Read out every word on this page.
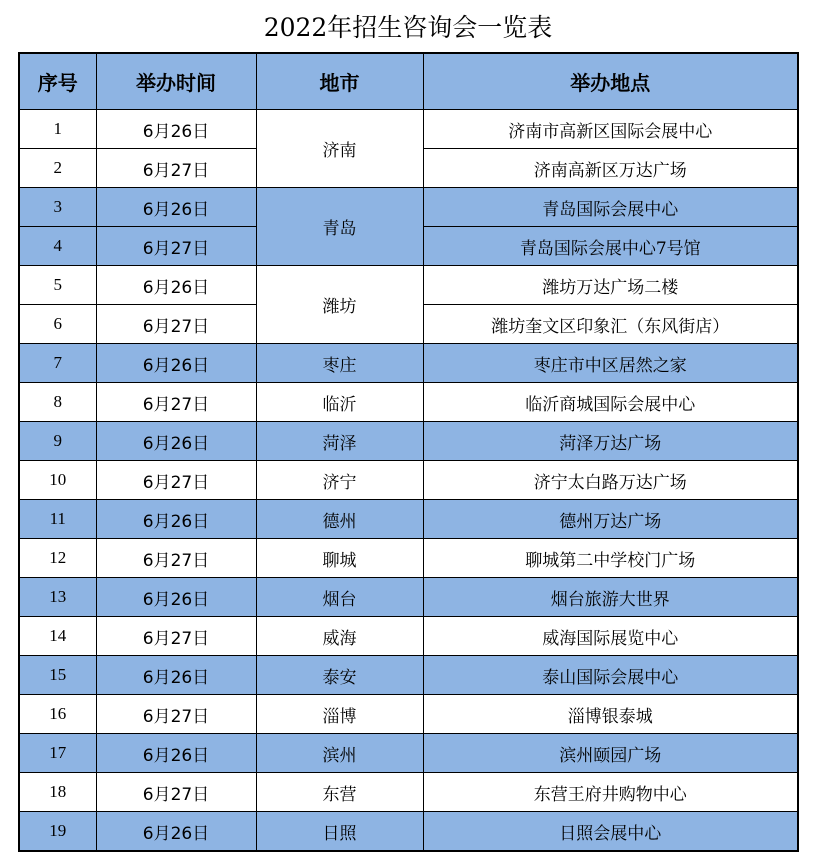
2022年招生咨询会一览表
序号	举办时间	地市	举办地点
1	6月26日	济南	济南市高新区国际会展中心
2	6月27日		济南高新区万达广场
3	6月26日	青岛	青岛国际会展中心
4	6月27日		青岛国际会展中心7号馆
5	6月26日	潍坊	潍坊万达广场二楼
6	6月27日		潍坊奎文区印象汇（东风街店）
7	6月26日	枣庄	枣庄市中区居然之家
8	6月27日	临沂	临沂商城国际会展中心
9	6月26日	菏泽	菏泽万达广场
10	6月27日	济宁	济宁太白路万达广场
11	6月26日	德州	德州万达广场
12	6月27日	聊城	聊城第二中学校门广场
13	6月26日	烟台	烟台旅游大世界
14	6月27日	威海	威海国际展览中心
15	6月26日	泰安	泰山国际会展中心
16	6月27日	淄博	淄博银泰城
17	6月26日	滨州	滨州颐园广场
18	6月27日	东营	东营王府井购物中心
19	6月26日	日照	日照会展中心
